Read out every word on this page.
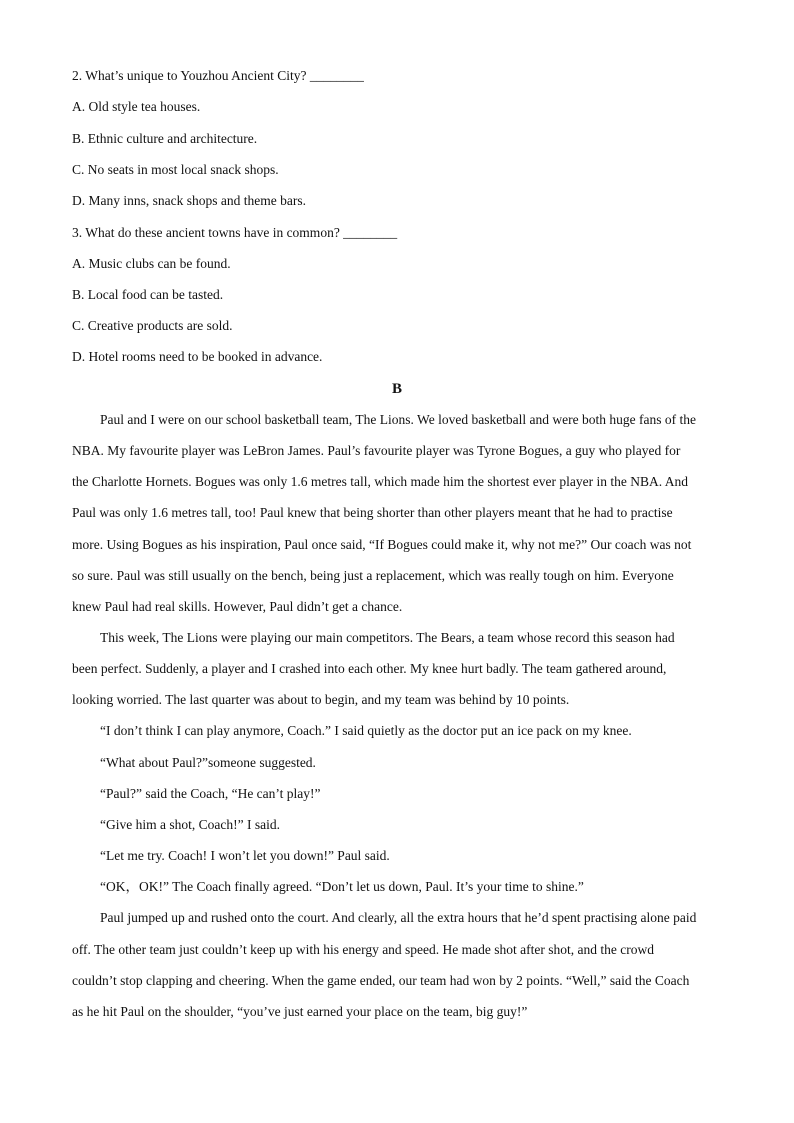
2. What’s unique to Youzhou Ancient City? ________
A. Old style tea houses.
B. Ethnic culture and architecture.
C. No seats in most local snack shops.
D. Many inns, snack shops and theme bars.
3. What do these ancient towns have in common? ________
A. Music clubs can be found.
B. Local food can be tasted.
C. Creative products are sold.
D. Hotel rooms need to be booked in advance.
B
Paul and I were on our school basketball team, The Lions. We loved basketball and were both huge fans of the
NBA. My favourite player was LeBron James. Paul’s favourite player was Tyrone Bogues, a guy who played for
the Charlotte Hornets. Bogues was only 1.6 metres tall, which made him the shortest ever player in the NBA. And
Paul was only 1.6 metres tall, too! Paul knew that being shorter than other players meant that he had to practise
more. Using Bogues as his inspiration, Paul once said, “If Bogues could make it, why not me?” Our coach was not
so sure. Paul was still usually on the bench, being just a replacement, which was really tough on him. Everyone
knew Paul had real skills. However, Paul didn’t get a chance.
This week, The Lions were playing our main competitors. The Bears, a team whose record this season had
been perfect. Suddenly, a player and I crashed into each other. My knee hurt badly. The team gathered around,
looking worried. The last quarter was about to begin, and my team was behind by 10 points.
“I don’t think I can play anymore, Coach.” I said quietly as the doctor put an ice pack on my knee.
“What about Paul?”someone suggested.
“Paul?” said the Coach, “He can’t play!”
“Give him a shot, Coach!” I said.
“Let me try. Coach! I won’t let you down!” Paul said.
“OK，OK!” The Coach finally agreed. “Don’t let us down, Paul. It’s your time to shine.”
Paul jumped up and rushed onto the court. And clearly, all the extra hours that he’d spent practising alone paid
off. The other team just couldn’t keep up with his energy and speed. He made shot after shot, and the crowd
couldn’t stop clapping and cheering. When the game ended, our team had won by 2 points. “Well,” said the Coach
as he hit Paul on the shoulder, “you’ve just earned your place on the team, big guy!”
